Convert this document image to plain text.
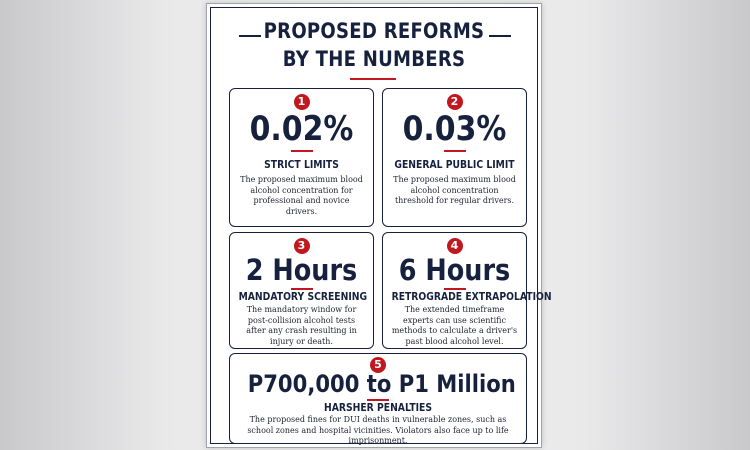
PROPOSED REFORMS
BY THE NUMBERS
1
0.02%
STRICT LIMITS
The proposed maximum blood alcohol concentration for professional and novice drivers.
2
0.03%
GENERAL PUBLIC LIMIT
The proposed maximum blood alcohol concentration threshold for regular drivers.
3
2 Hours
MANDATORY SCREENING
The mandatory window for post-collision alcohol tests after any crash resulting in injury or death.
4
6 Hours
RETROGRADE EXTRAPOLATION
The extended timeframe experts can use scientific methods to calculate a driver's past blood alcohol level.
5
P700,000 to P1 Million
HARSHER PENALTIES
The proposed fines for DUI deaths in vulnerable zones, such as school zones and hospital vicinities. Violators also face up to life imprisonment.
